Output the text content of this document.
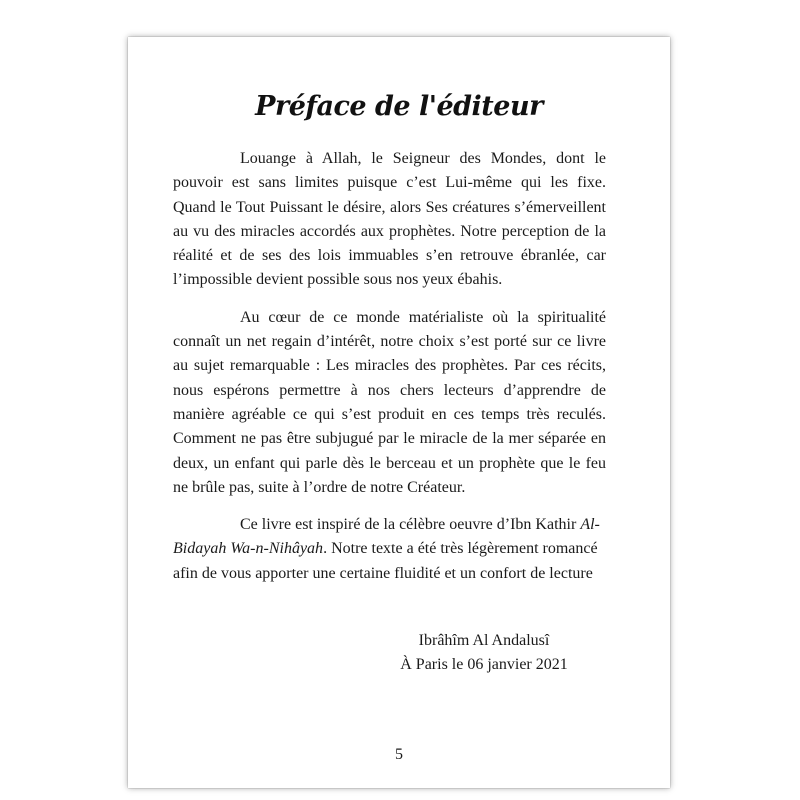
Préface de l'éditeur

Louange à Allah, le Seigneur des Mondes, dont le pouvoir est sans limites puisque c’est Lui-même qui les fixe. Quand le Tout Puissant le désire, alors Ses créatures s’émerveillent au vu des miracles accordés aux prophètes. Notre perception de la réalité et de ses des lois immuables s’en retrouve ébranlée, car l’impossible devient possible sous nos yeux ébahis.

Au cœur de ce monde matérialiste où la spiritualité connaît un net regain d’intérêt, notre choix s’est porté sur ce livre au sujet remarquable : Les miracles des prophètes. Par ces récits, nous espérons permettre à nos chers lecteurs d’apprendre de manière agréable ce qui s’est produit en ces temps très reculés. Comment ne pas être subjugué par le miracle de la mer séparée en deux, un enfant qui parle dès le berceau et un prophète que le feu ne brûle pas, suite à l’ordre de notre Créateur.

Ce livre est inspiré de la célèbre oeuvre d’Ibn Kathir Al-Bidayah Wa-n-Nihâyah. Notre texte a été très légèrement romancé afin de vous apporter une certaine fluidité et un confort de lecture

Ibrâhîm Al Andalusî
À Paris le 06 janvier 2021
5
